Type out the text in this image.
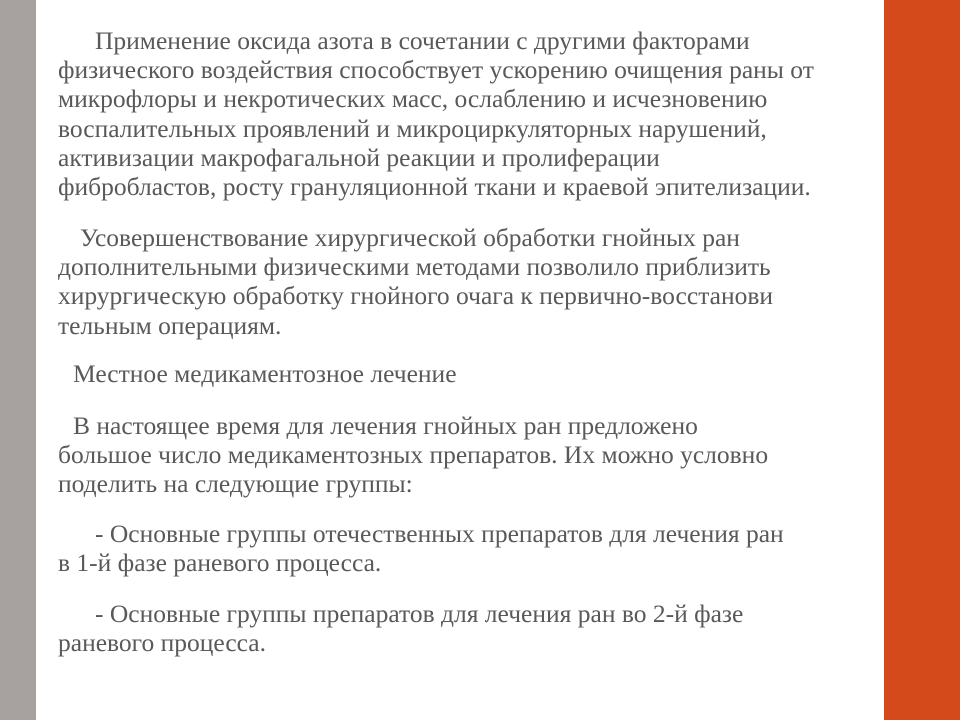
Применение оксида азота в сочетании с другими факторами
физического воздействия способствует ускорению очищения раны от
микрофлоры и некротических масс, ослаблению и исчезновению
воспалительных проявлений и микроциркуляторных нарушений,
активизации макрофагальной реакции и пролиферации
фибробластов, росту грануляционной ткани и краевой эпителизации.
Усовершенствование хирургической обработки гнойных ран
дополнительными физическими методами позволило приблизить
хирургическую обработку гнойного очага к первично-восстанови
тельным операциям.
Местное медикаментозное лечение
В настоящее время для лечения гнойных ран предложено
большое число медикаментозных препаратов. Их можно условно
поделить на следующие группы:
- Основные группы отечественных препаратов для лечения ран
в 1-й фазе раневого процесса.
- Основные группы препаратов для лечения ран во 2-й фазе
раневого процесса.
